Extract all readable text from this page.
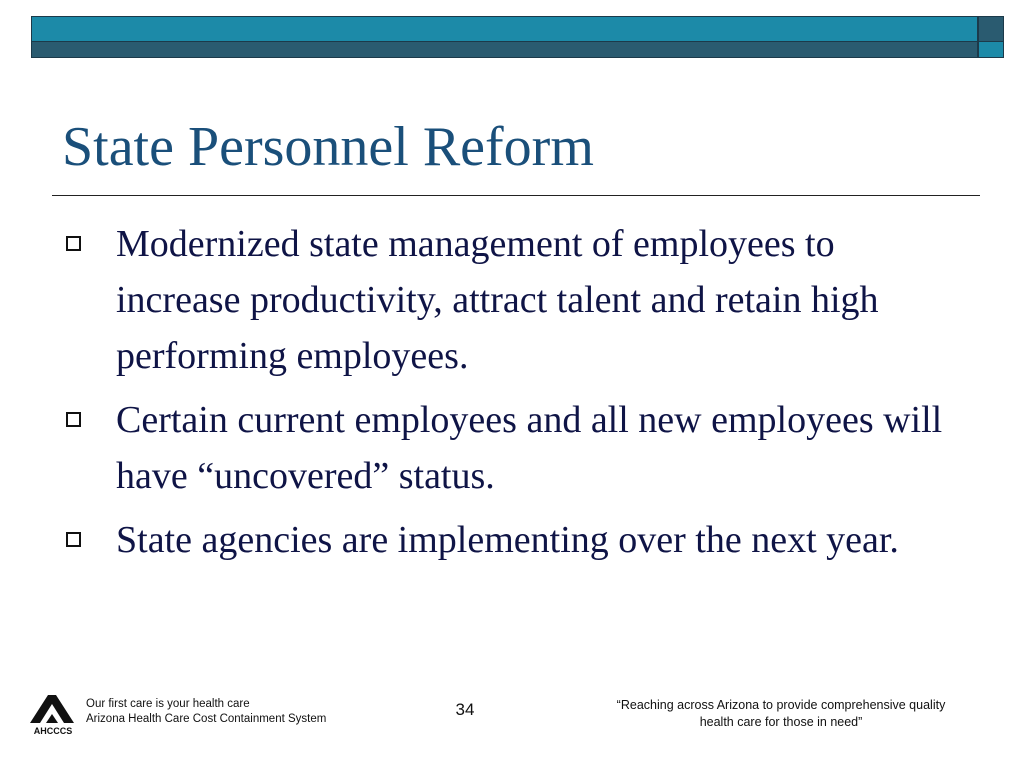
State Personnel Reform
Modernized state management of employees to increase productivity, attract talent and retain high performing employees.
Certain current employees and all new employees will have “uncovered” status.
State agencies are implementing over the next year.
AHCCCS
Our first care is your health care
Arizona Health Care Cost Containment System	34	“Reaching across Arizona to provide comprehensive quality
health care for those in need”
